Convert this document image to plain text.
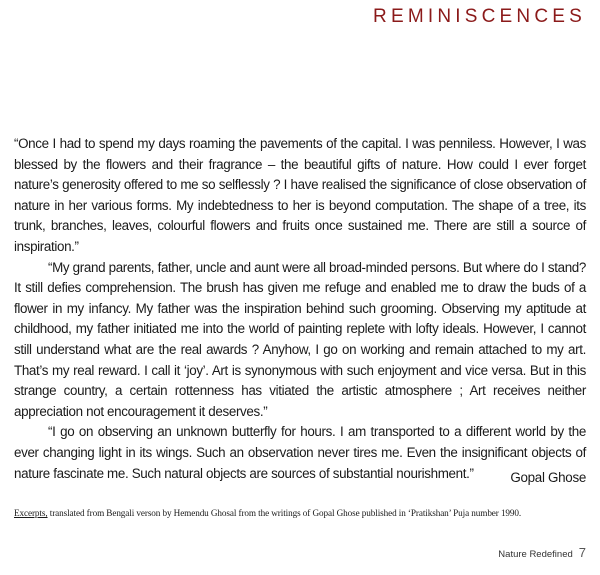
REMINISCENCES

“Once I had to spend my days roaming the pavements of the capital. I was penniless. However, I was blessed by the flowers and their fragrance – the beautiful gifts of nature. How could I ever forget nature’s generosity offered to me so selflessly ? I have realised the significance of close observation of nature in her various forms. My indebtedness to her is beyond computation. The shape of a tree, its trunk, branches, leaves, colourful flowers and fruits once sustained me. There are still a source of inspiration.”

“My grand parents, father, uncle and aunt were all broad-minded persons. But where do I stand? It still defies comprehension. The brush has given me refuge and enabled me to draw the buds of a flower in my infancy. My father was the inspiration behind such grooming. Observing my aptitude at childhood, my father initiated me into the world of painting replete with lofty ideals. However, I cannot still understand what are the real awards ? Anyhow, I go on working and remain attached to my art. That’s my real reward. I call it ‘joy’. Art is synonymous with such enjoyment and vice versa. But in this strange country, a certain rottenness has vitiated the artistic atmosphere ; Art receives neither appreciation not encouragement it deserves.”

“I go on observing an unknown butterfly for hours. I am transported to a different world by the ever changing light in its wings. Such an observation never tires me. Even the insignificant objects of nature fascinate me. Such natural objects are sources of substantial nourishment.”	Gopal Ghose
Excerpts, translated from Bengali verson by Hemendu Ghosal from the writings of Gopal Ghose published in ‘Pratikshan’ Puja number 1990.
Nature Redefined 7
